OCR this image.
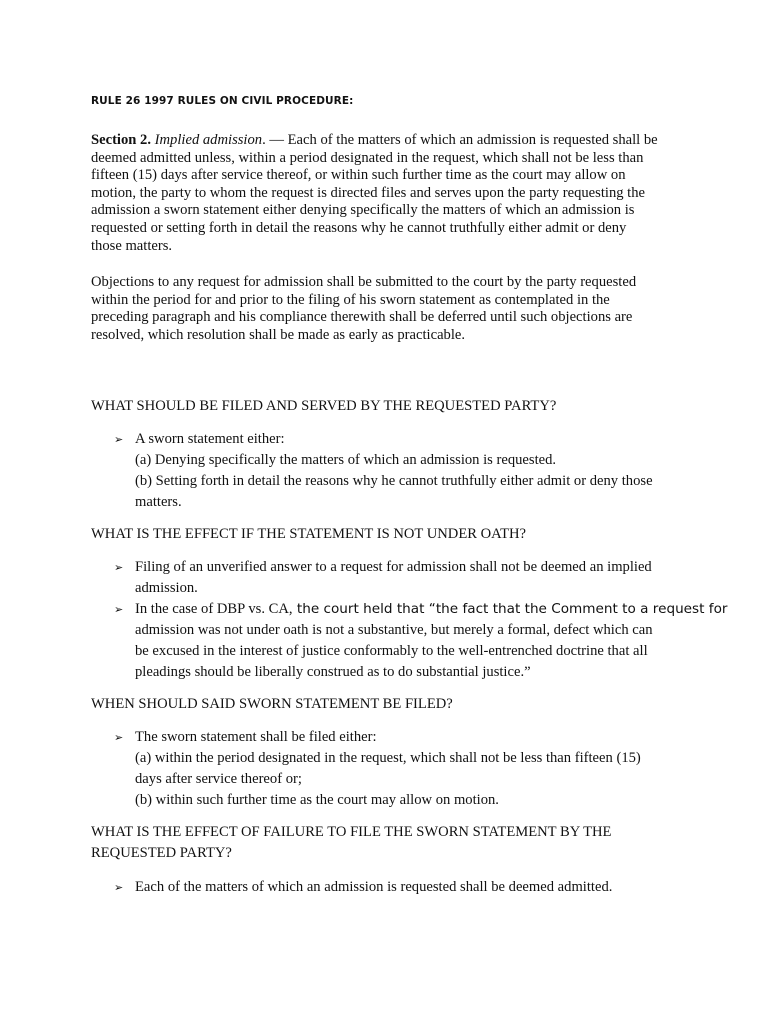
RULE 26 1997 RULES ON CIVIL PROCEDURE:
Section 2. Implied admission. — Each of the matters of which an admission is requested shall be
deemed admitted unless, within a period designated in the request, which shall not be less than
fifteen (15) days after service thereof, or within such further time as the court may allow on
motion, the party to whom the request is directed files and serves upon the party requesting the
admission a sworn statement either denying specifically the matters of which an admission is
requested or setting forth in detail the reasons why he cannot truthfully either admit or deny
those matters.
Objections to any request for admission shall be submitted to the court by the party requested
within the period for and prior to the filing of his sworn statement as contemplated in the
preceding paragraph and his compliance therewith shall be deferred until such objections are
resolved, which resolution shall be made as early as practicable.
WHAT SHOULD BE FILED AND SERVED BY THE REQUESTED PARTY?
➢ A sworn statement either:
(a) Denying specifically the matters of which an admission is requested.
(b) Setting forth in detail the reasons why he cannot truthfully either admit or deny those
matters.
WHAT IS THE EFFECT IF THE STATEMENT IS NOT UNDER OATH?
➢ Filing of an unverified answer to a request for admission shall not be deemed an implied
admission.
➢ In the case of DBP vs. CA, the court held that “the fact that the Comment to a request for
admission was not under oath is not a substantive, but merely a formal, defect which can
be excused in the interest of justice conformably to the well-entrenched doctrine that all
pleadings should be liberally construed as to do substantial justice.”
WHEN SHOULD SAID SWORN STATEMENT BE FILED?
➢ The sworn statement shall be filed either:
(a) within the period designated in the request, which shall not be less than fifteen (15)
days after service thereof or;
(b) within such further time as the court may allow on motion.
WHAT IS THE EFFECT OF FAILURE TO FILE THE SWORN STATEMENT BY THE
REQUESTED PARTY?
➢ Each of the matters of which an admission is requested shall be deemed admitted.
